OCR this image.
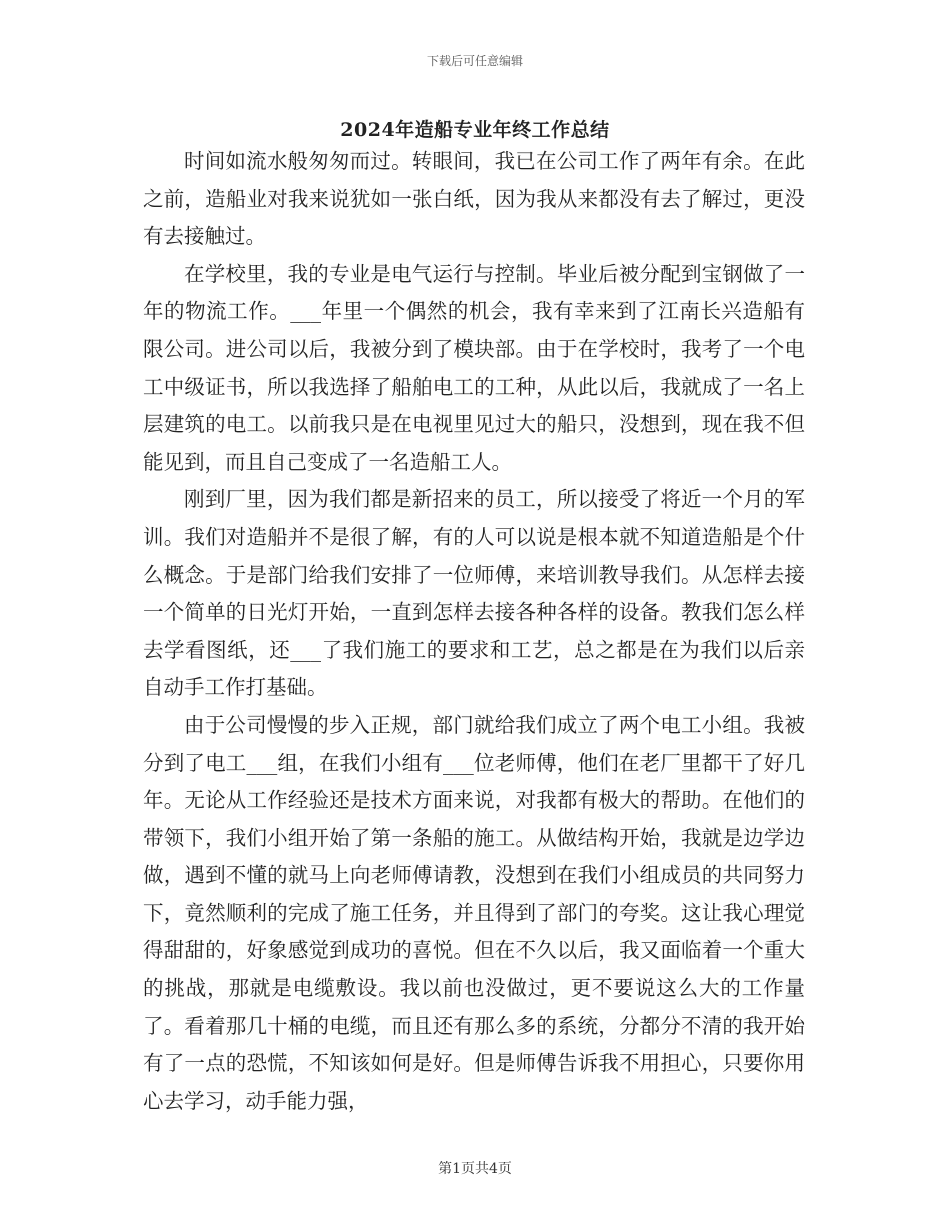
下载后可任意编辑
2024年造船专业年终工作总结

时间如流水般匆匆而过。转眼间，我已在公司工作了两年有余。在此之前，造船业对我来说犹如一张白纸，因为我从来都没有去了解过，更没有去接触过。

在学校里，我的专业是电气运行与控制。毕业后被分配到宝钢做了一年的物流工作。___年里一个偶然的机会，我有幸来到了江南长兴造船有限公司。进公司以后，我被分到了模块部。由于在学校时，我考了一个电工中级证书，所以我选择了船舶电工的工种，从此以后，我就成了一名上层建筑的电工。以前我只是在电视里见过大的船只，没想到，现在我不但能见到，而且自己变成了一名造船工人。

刚到厂里，因为我们都是新招来的员工，所以接受了将近一个月的军训。我们对造船并不是很了解，有的人可以说是根本就不知道造船是个什么概念。于是部门给我们安排了一位师傅，来培训教导我们。从怎样去接一个简单的日光灯开始，一直到怎样去接各种各样的设备。教我们怎么样去学看图纸，还___了我们施工的要求和工艺，总之都是在为我们以后亲自动手工作打基础。

由于公司慢慢的步入正规，部门就给我们成立了两个电工小组。我被分到了电工___组，在我们小组有___位老师傅，他们在老厂里都干了好几年。无论从工作经验还是技术方面来说，对我都有极大的帮助。在他们的带领下，我们小组开始了第一条船的施工。从做结构开始，我就是边学边做，遇到不懂的就马上向老师傅请教，没想到在我们小组成员的共同努力下，竟然顺利的完成了施工任务，并且得到了部门的夸奖。这让我心理觉得甜甜的，好象感觉到成功的喜悦。但在不久以后，我又面临着一个重大的挑战，那就是电缆敷设。我以前也没做过，更不要说这么大的工作量了。看着那几十桶的电缆，而且还有那么多的系统，分都分不清的我开始有了一点的恐慌，不知该如何是好。但是师傅告诉我不用担心，只要你用心去学习，动手能力强，

第1页共4页
